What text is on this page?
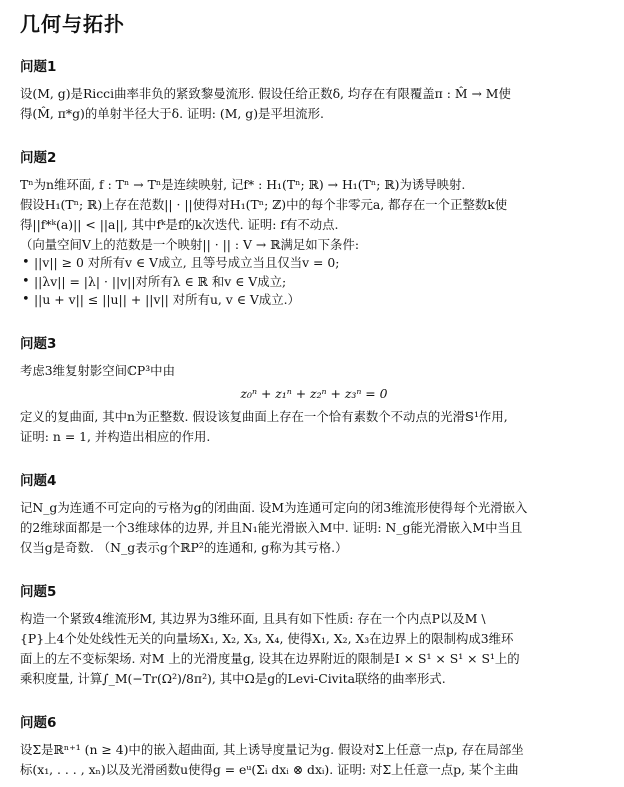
几何与拓扑
问题1

设(M, g)是Ricci曲率非负的紧致黎曼流形. 假设任给正数δ, 均存在有限覆盖π : M̂ → M使

得(M̂, π*g)的单射半径大于δ. 证明: (M, g)是平坦流形.

问题2

Tⁿ为n维环面, f : Tⁿ → Tⁿ是连续映射, 记f* : H₁(Tⁿ; ℝ) → H₁(Tⁿ; ℝ)为诱导映射.

假设H₁(Tⁿ; ℝ)上存在范数|| · ||使得对H₁(Tⁿ; ℤ)中的每个非零元a, 都存在一个正整数k使

得||f*ᵏ(a)|| < ||a||, 其中fᵏ是f的k次迭代. 证明: f有不动点.

（向量空间V上的范数是一个映射|| · || : V → ℝ满足如下条件:
• ||v|| ≥ 0 对所有v ∈ V成立, 且等号成立当且仅当v = 0;
• ||λv|| = |λ| · ||v||对所有λ ∈ ℝ 和v ∈ V成立;
• ||u + v|| ≤ ||u|| + ||v|| 对所有u, v ∈ V成立.）
问题3

考虑3维复射影空间ℂP³中由

z₀ⁿ + z₁ⁿ + z₂ⁿ + z₃ⁿ = 0

定义的复曲面, 其中n为正整数. 假设该复曲面上存在一个恰有素数个不动点的光滑𝕊¹作用,

证明: n = 1, 并构造出相应的作用.

问题4

记N_g为连通不可定向的亏格为g的闭曲面. 设M为连通可定向的闭3维流形使得每个光滑嵌入

的2维球面都是一个3维球体的边界, 并且N₁能光滑嵌入M中. 证明: N_g能光滑嵌入M中当且

仅当g是奇数. （N_g表示g个ℝP²的连通和, g称为其亏格.）

问题5

构造一个紧致4维流形M, 其边界为3维环面, 且具有如下性质: 存在一个内点P以及M \

{P}上4个处处线性无关的向量场X₁, X₂, X₃, X₄, 使得X₁, X₂, X₃在边界上的限制构成3维环

面上的左不变标架场. 对M 上的光滑度量g, 设其在边界附近的限制是I × S¹ × S¹ × S¹上的

乘积度量, 计算∫_M(−Tr(Ω²)/8π²), 其中Ω是g的Levi-Civita联络的曲率形式.

问题6

设Σ是ℝⁿ⁺¹ (n ≥ 4)中的嵌入超曲面, 其上诱导度量记为g. 假设对Σ上任意一点p, 存在局部坐

标(x₁, . . . , xₙ)以及光滑函数u使得g = eᵘ(Σᵢ dxᵢ ⊗ dxᵢ). 证明: 对Σ上任意一点p, 某个主曲
